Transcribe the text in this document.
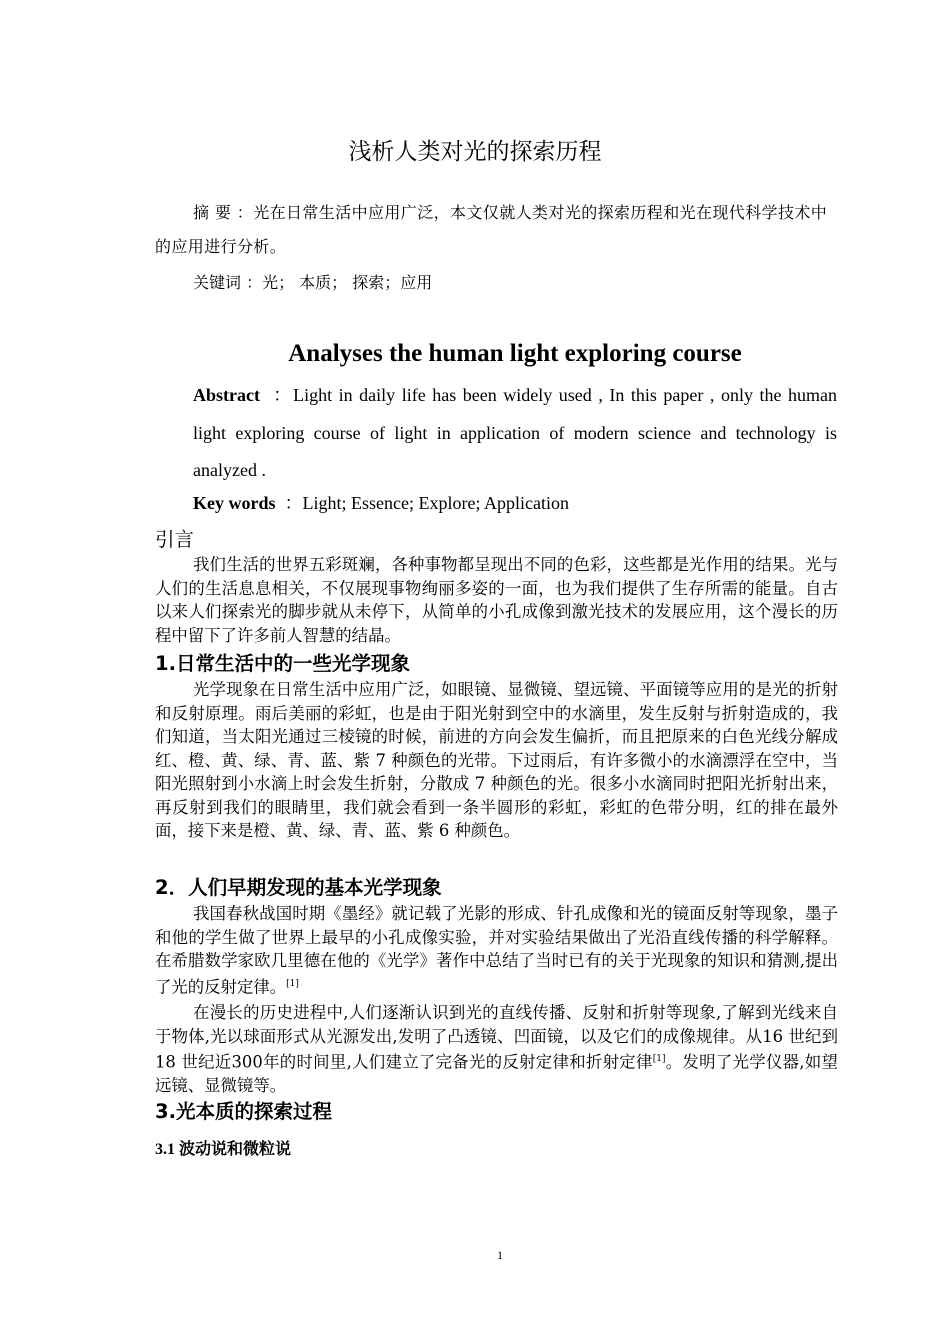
浅析人类对光的探索历程
摘 要 ：光在日常生活中应用广泛，本文仅就人类对光的探索历程和光在现代科学技术中的应用进行分析。
关键词 ：光； 本质； 探索；应用
Analyses the human light exploring course
Abstract ：Light in daily life has been widely used , In this paper , only the human light exploring course of light in application of modern science and technology is analyzed .
Key words ：Light; Essence; Explore; Application
引言
我们生活的世界五彩斑斓，各种事物都呈现出不同的色彩，这些都是光作用的结果。光与人们的生活息息相关，不仅展现事物绚丽多姿的一面，也为我们提供了生存所需的能量。自古以来人们探索光的脚步就从未停下，从简单的小孔成像到激光技术的发展应用，这个漫长的历程中留下了许多前人智慧的结晶。
1.日常生活中的一些光学现象
光学现象在日常生活中应用广泛，如眼镜、显微镜、望远镜、平面镜等应用的是光的折射和反射原理。雨后美丽的彩虹，也是由于阳光射到空中的水滴里，发生反射与折射造成的，我们知道，当太阳光通过三棱镜的时候，前进的方向会发生偏折，而且把原来的白色光线分解成红、橙、黄、绿、青、蓝、紫 7 种颜色的光带。下过雨后，有许多微小的水滴漂浮在空中，当阳光照射到小水滴上时会发生折射，分散成 7 种颜色的光。很多小水滴同时把阳光折射出来，再反射到我们的眼睛里，我们就会看到一条半圆形的彩虹，彩虹的色带分明，红的排在最外面，接下来是橙、黄、绿、青、蓝、紫 6 种颜色。
2．人们早期发现的基本光学现象
我国春秋战国时期《墨经》就记载了光影的形成、针孔成像和光的镜面反射等现象，墨子和他的学生做了世界上最早的小孔成像实验，并对实验结果做出了光沿直线传播的科学解释。在希腊数学家欧几里德在他的《光学》著作中总结了当时已有的关于光现象的知识和猜测,提出了光的反射定律。[1]
在漫长的历史进程中,人们逐渐认识到光的直线传播、反射和折射等现象,了解到光线来自于物体,光以球面形式从光源发出,发明了凸透镜、凹面镜，以及它们的成像规律。从16 世纪到18 世纪近300年的时间里,人们建立了完备光的反射定律和折射定律[1]。发明了光学仪器,如望远镜、显微镜等。
3.光本质的探索过程
3.1 波动说和微粒说
1
